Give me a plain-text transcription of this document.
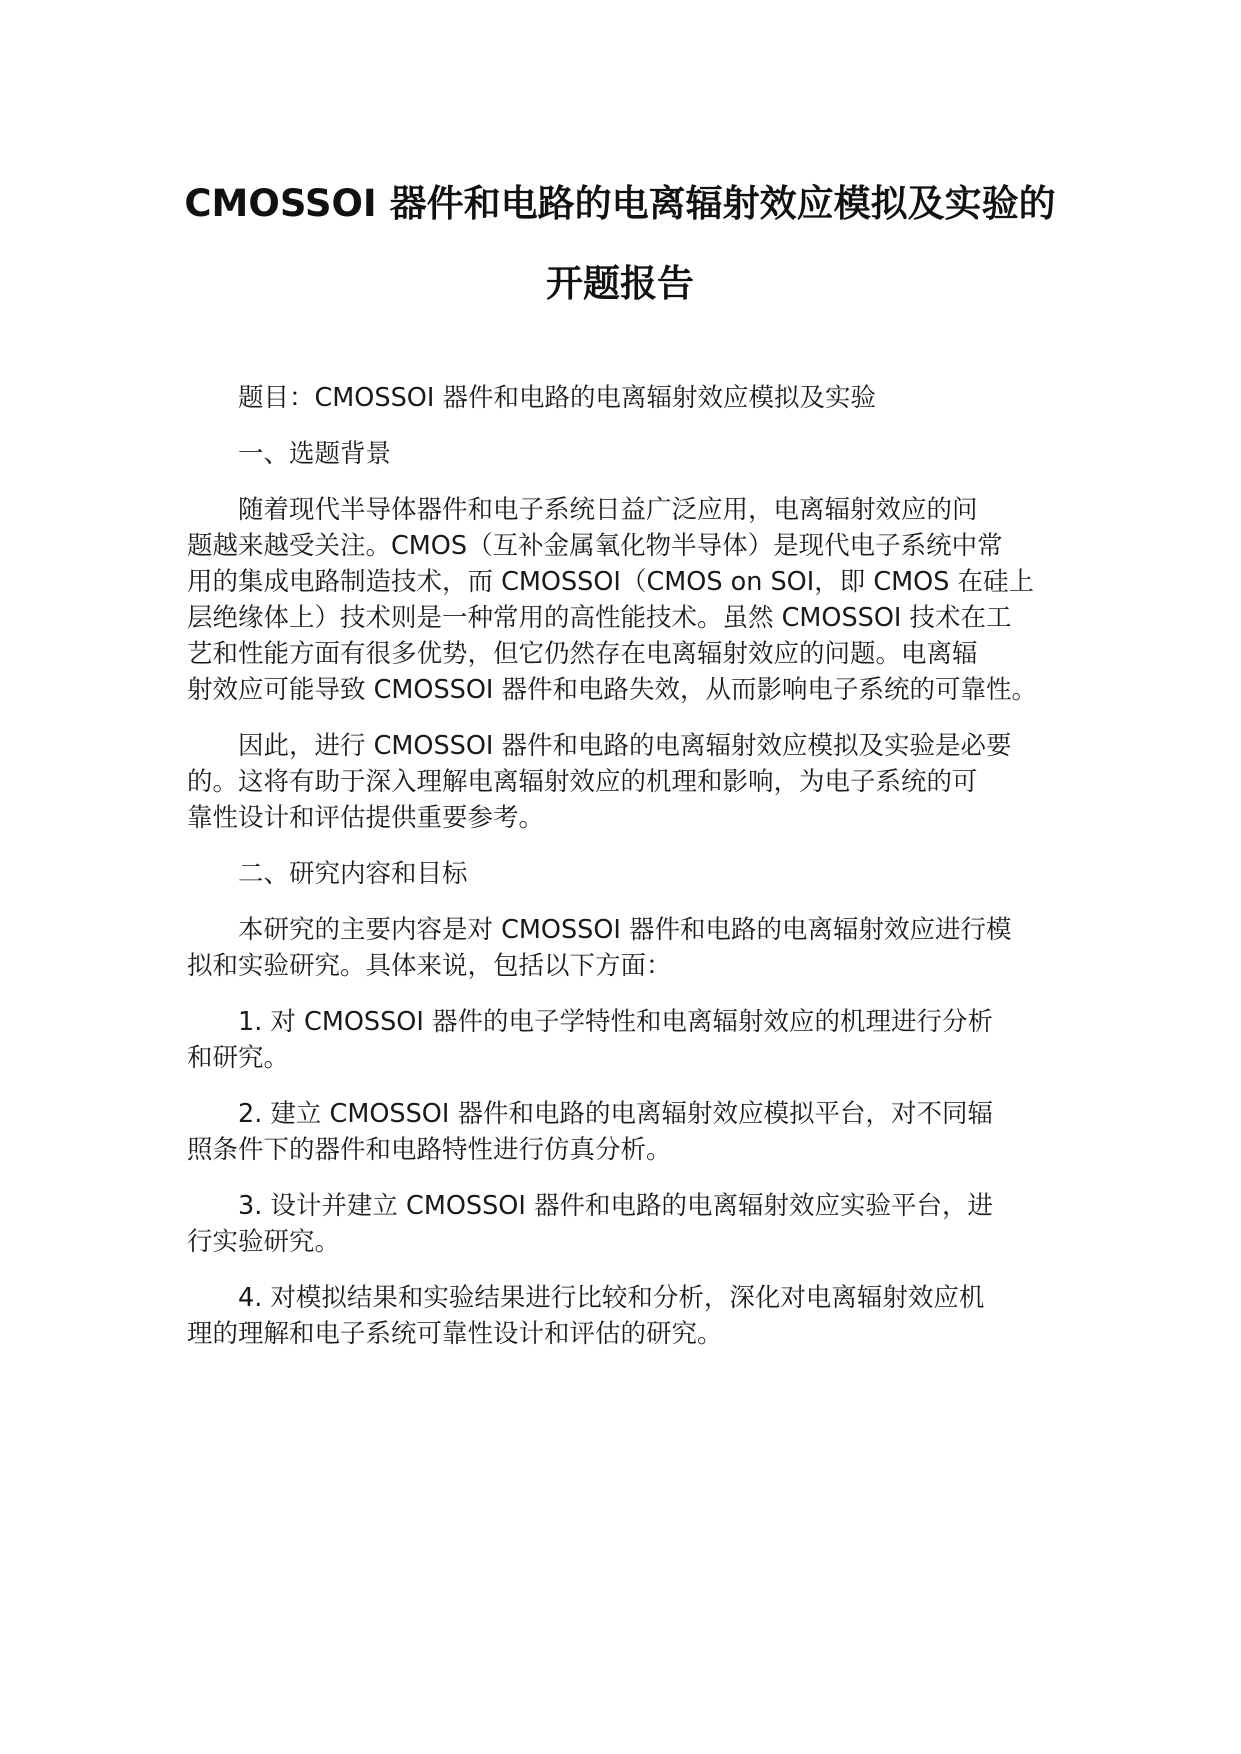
CMOSSOI 器件和电路的电离辐射效应模拟及实验的
开题报告
题目：CMOSSOI 器件和电路的电离辐射效应模拟及实验
一、选题背景
随着现代半导体器件和电子系统日益广泛应用，电离辐射效应的问
题越来越受关注。CMOS（互补金属氧化物半导体）是现代电子系统中常
用的集成电路制造技术，而 CMOSSOI（CMOS on SOI，即 CMOS 在硅上
层绝缘体上）技术则是一种常用的高性能技术。虽然 CMOSSOI 技术在工
艺和性能方面有很多优势，但它仍然存在电离辐射效应的问题。电离辐
射效应可能导致 CMOSSOI 器件和电路失效，从而影响电子系统的可靠性。
因此，进行 CMOSSOI 器件和电路的电离辐射效应模拟及实验是必要
的。这将有助于深入理解电离辐射效应的机理和影响，为电子系统的可
靠性设计和评估提供重要参考。
二、研究内容和目标
本研究的主要内容是对 CMOSSOI 器件和电路的电离辐射效应进行模
拟和实验研究。具体来说，包括以下方面：
1. 对 CMOSSOI 器件的电子学特性和电离辐射效应的机理进行分析
和研究。
2. 建立 CMOSSOI 器件和电路的电离辐射效应模拟平台，对不同辐
照条件下的器件和电路特性进行仿真分析。
3. 设计并建立 CMOSSOI 器件和电路的电离辐射效应实验平台，进
行实验研究。
4. 对模拟结果和实验结果进行比较和分析，深化对电离辐射效应机
理的理解和电子系统可靠性设计和评估的研究。
